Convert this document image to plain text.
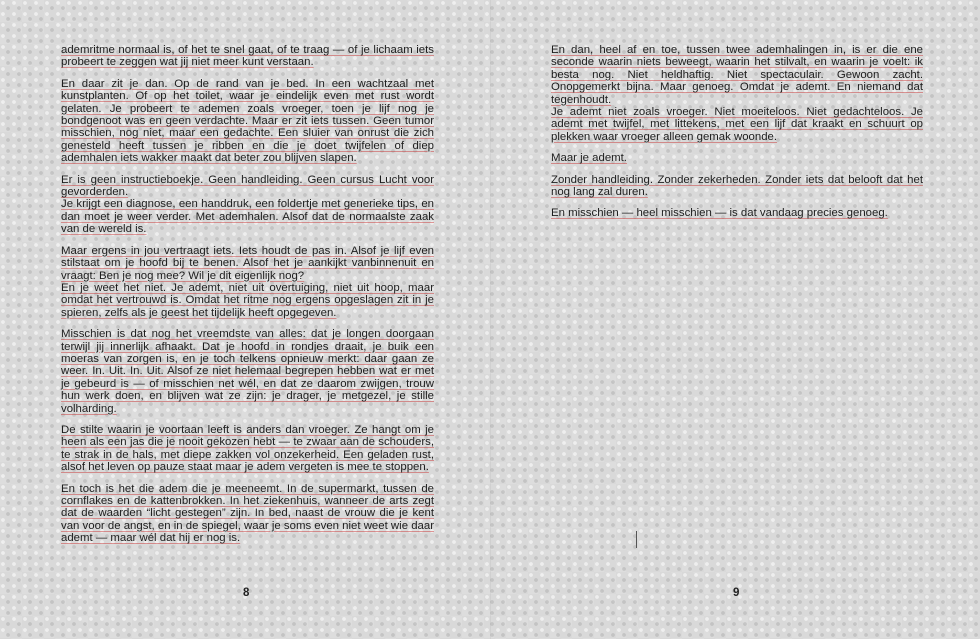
ademritme normaal is, of het te snel gaat, of te traag — of je lichaam iets probeert te zeggen wat jij niet meer kunt verstaan.

En daar zit je dan. Op de rand van je bed. In een wachtzaal met kunstplanten. Of op het toilet, waar je eindelijk even met rust wordt gelaten. Je probeert te ademen zoals vroeger, toen je lijf nog je bondgenoot was en geen verdachte. Maar er zit iets tussen. Geen tumor misschien, nog niet, maar een gedachte. Een sluier van onrust die zich genesteld heeft tussen je ribben en die je doet twijfelen of diep ademhalen iets wakker maakt dat beter zou blijven slapen.

Er is geen instructieboekje. Geen handleiding. Geen cursus Lucht voor gevorderden.
Je krijgt een diagnose, een handdruk, een foldertje met generieke tips, en dan moet je weer verder. Met ademhalen. Alsof dat de normaalste zaak van de wereld is.

Maar ergens in jou vertraagt iets. Iets houdt de pas in. Alsof je lijf even stilstaat om je hoofd bij te benen. Alsof het je aankijkt vanbinnenuit en vraagt: Ben je nog mee? Wil je dit eigenlijk nog?
En je weet het niet. Je ademt, niet uit overtuiging, niet uit hoop, maar omdat het vertrouwd is. Omdat het ritme nog ergens opgeslagen zit in je spieren, zelfs als je geest het tijdelijk heeft opgegeven.

Misschien is dat nog het vreemdste van alles: dat je longen doorgaan terwijl jij innerlijk afhaakt. Dat je hoofd in rondjes draait, je buik een moeras van zorgen is, en je toch telkens opnieuw merkt: daar gaan ze weer. In. Uit. In. Uit. Alsof ze niet helemaal begrepen hebben wat er met je gebeurd is — of misschien net wél, en dat ze daarom zwijgen, trouw hun werk doen, en blijven wat ze zijn: je drager, je metgezel, je stille volharding.

De stilte waarin je voortaan leeft is anders dan vroeger. Ze hangt om je heen als een jas die je nooit gekozen hebt — te zwaar aan de schouders, te strak in de hals, met diepe zakken vol onzekerheid. Een geladen rust, alsof het leven op pauze staat maar je adem vergeten is mee te stoppen.

En toch is het die adem die je meeneemt. In de supermarkt, tussen de cornflakes en de kattenbrokken. In het ziekenhuis, wanneer de arts zegt dat de waarden “licht gestegen” zijn. In bed, naast de vrouw die je kent van voor de angst, en in de spiegel, waar je soms even niet weet wie daar ademt — maar wél dat hij er nog is.

8

En dan, heel af en toe, tussen twee ademhalingen in, is er die ene seconde waarin niets beweegt, waarin het stilvalt, en waarin je voelt: ik besta nog. Niet heldhaftig. Niet spectaculair. Gewoon zacht. Onopgemerkt bijna. Maar genoeg. Omdat je ademt. En niemand dat tegenhoudt.
Je ademt niet zoals vroeger. Niet moeiteloos. Niet gedachteloos. Je ademt met twijfel, met littekens, met een lijf dat kraakt en schuurt op plekken waar vroeger alleen gemak woonde.

Maar je ademt.

Zonder handleiding. Zonder zekerheden. Zonder iets dat belooft dat het nog lang zal duren.

En misschien — heel misschien — is dat vandaag precies genoeg.

9
